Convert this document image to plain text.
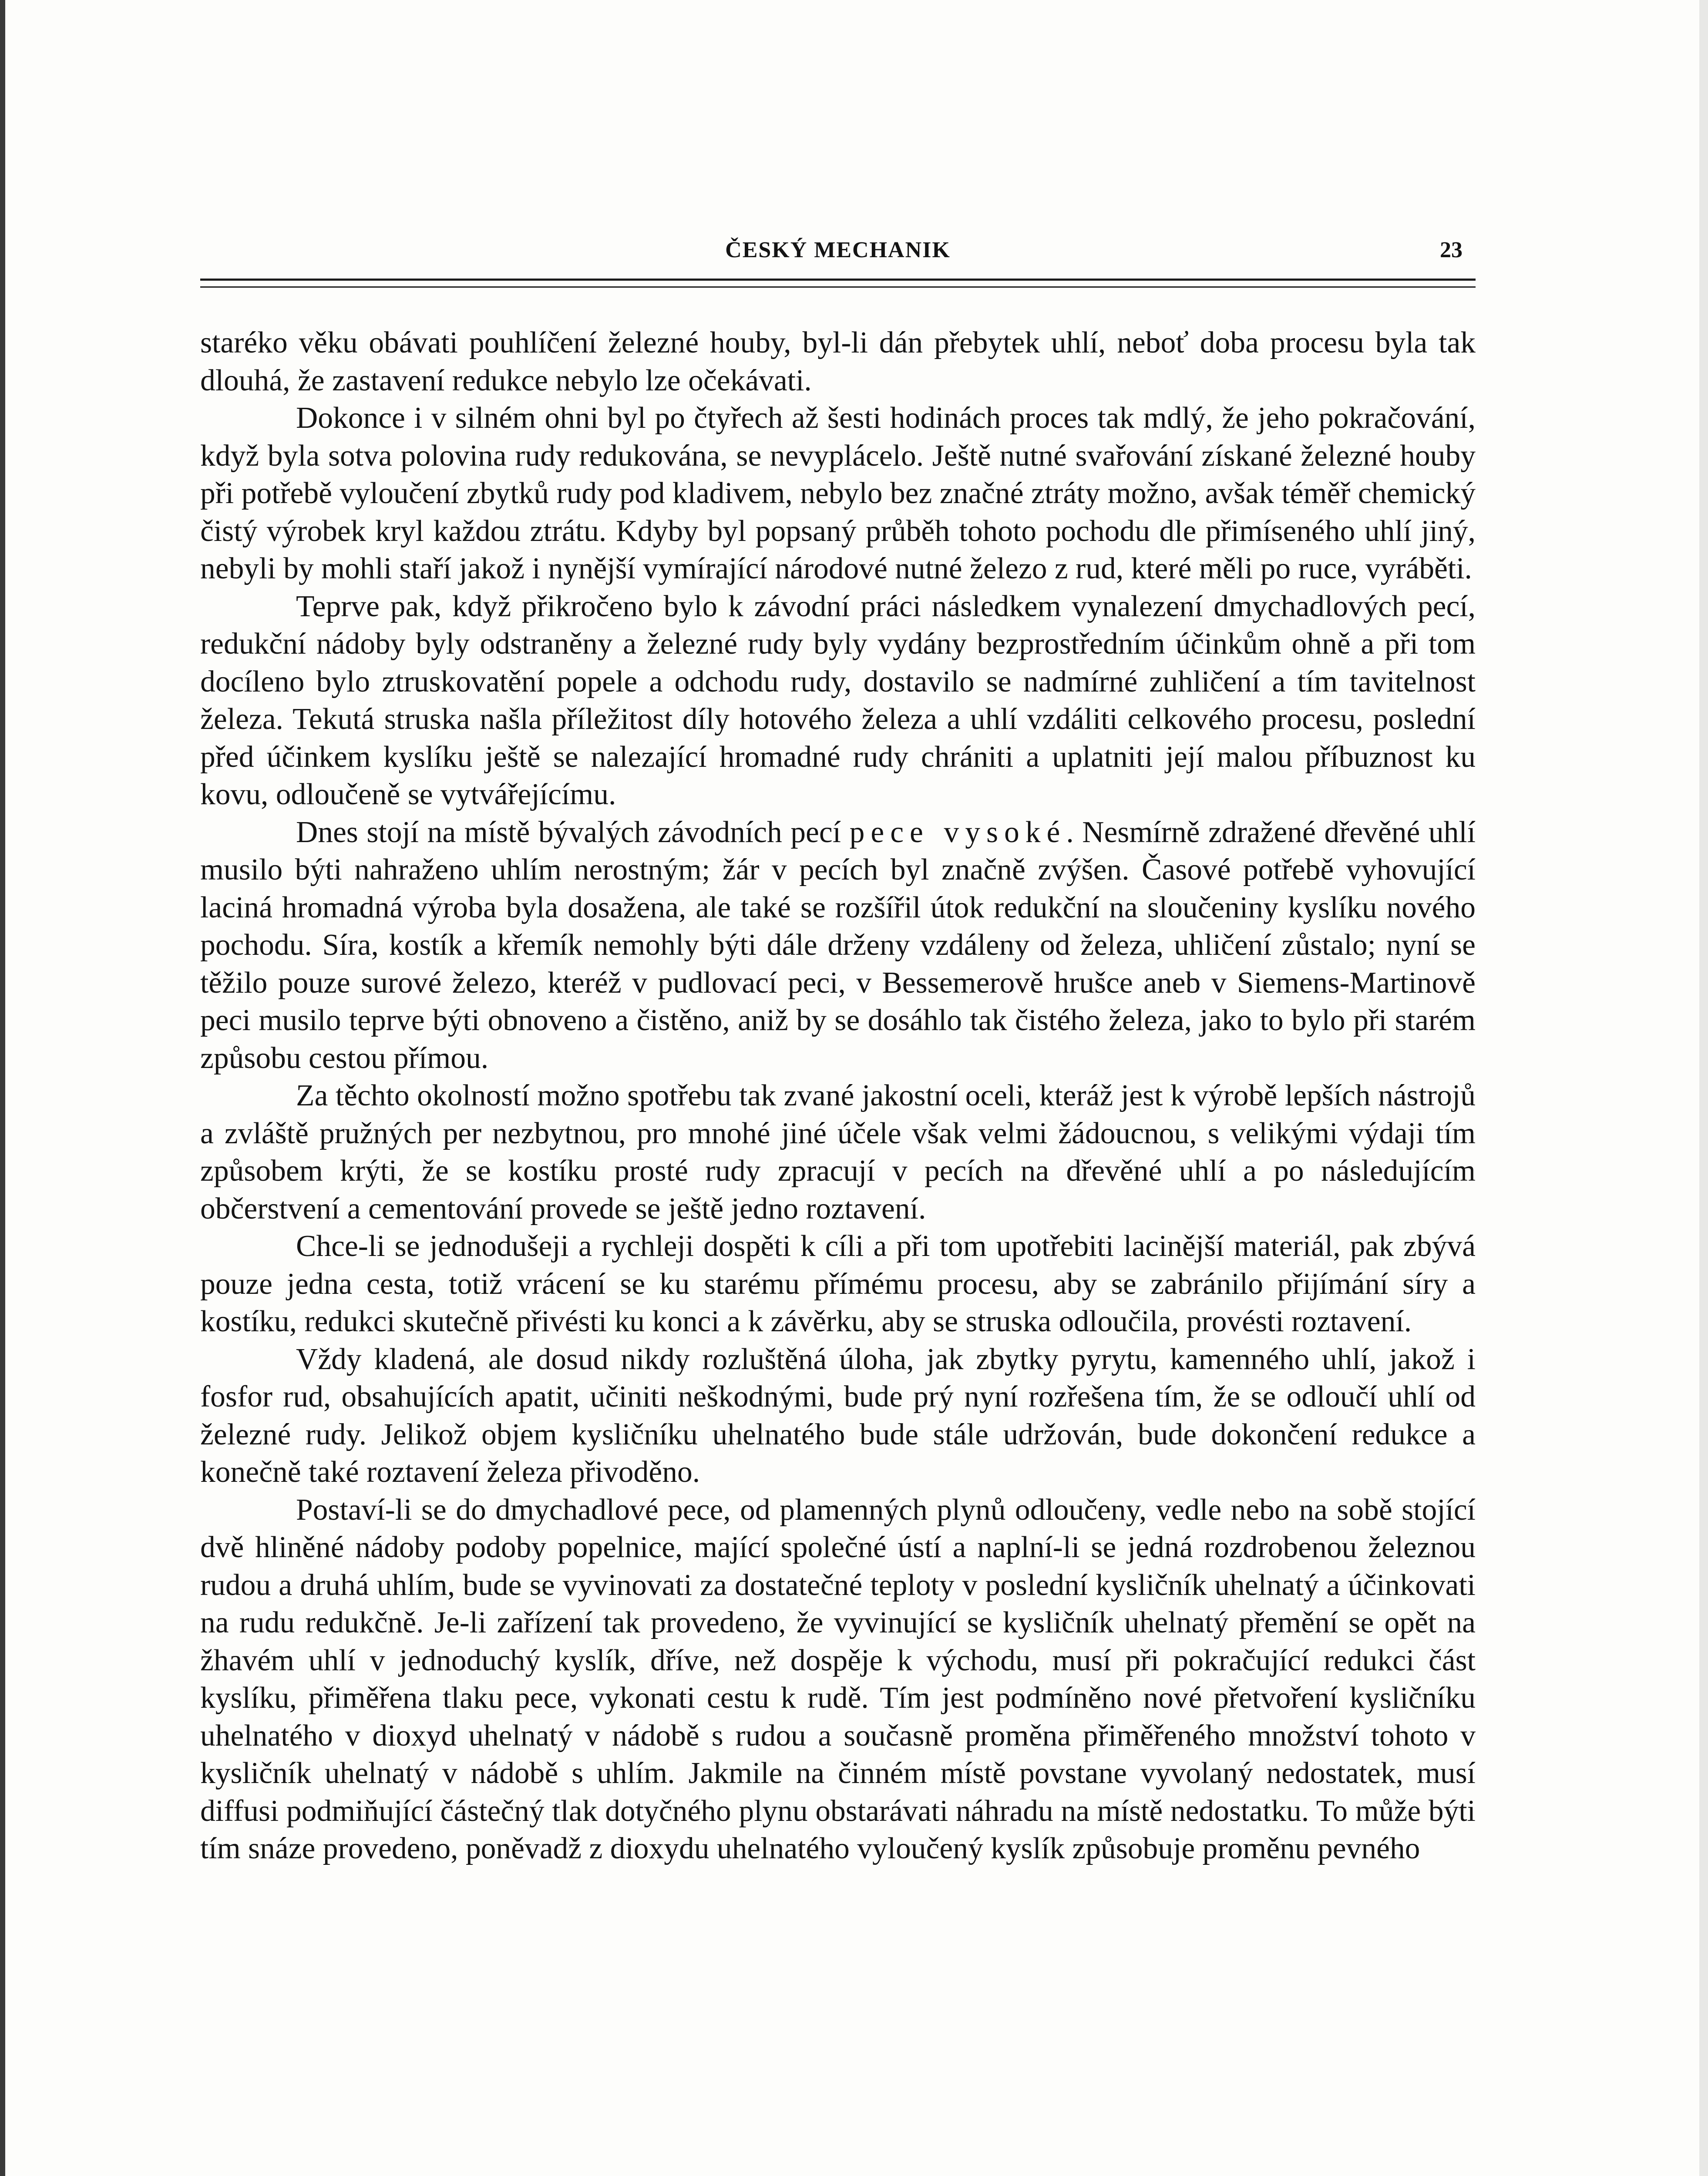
ČESKÝ MECHANIK	23

staréko věku obávati pouhlíčení železné houby, byl-li dán přebytek uhlí, neboť doba procesu byla tak dlouhá, že zastavení redukce nebylo lze očekávati.

Dokonce i v silném ohni byl po čtyřech až šesti hodinách proces tak mdlý, že jeho pokračování, když byla sotva polovina rudy redukována, se nevyplácelo. Ještě nutné svařování získané železné houby při potřebě vyloučení zbytků rudy pod kladivem, nebylo bez značné ztráty možno, avšak téměř chemický čistý výrobek kryl každou ztrátu. Kdyby byl popsaný průběh tohoto pochodu dle přimíseného uhlí jiný, nebyli by mohli staří jakož i nynější vymírající národové nutné železo z rud, které měli po ruce, vyráběti.

Teprve pak, když přikročeno bylo k závodní práci následkem vynalezení dmychadlových pecí, redukční nádoby byly odstraněny a železné rudy byly vydány bezprostředním účinkům ohně a při tom docíleno bylo ztruskovatění popele a odchodu rudy, dostavilo se nadmírné zuhličení a tím tavitelnost železa. Tekutá struska našla příležitost díly hotového železa a uhlí vzdáliti celkového procesu, poslední před účinkem kyslíku ještě se nalezající hromadné rudy chrániti a uplatniti její malou příbuznost ku kovu, odloučeně se vytvářejícímu.

Dnes stojí na místě bývalých závodních pecí pece vysoké. Nesmírně zdražené dřevěné uhlí musilo býti nahraženo uhlím nerostným; žár v pecích byl značně zvýšen. Časové potřebě vyhovující laciná hromadná výroba byla dosažena, ale také se rozšířil útok redukční na sloučeniny kyslíku nového pochodu. Síra, kostík a křemík nemohly býti dále drženy vzdáleny od železa, uhličení zůstalo; nyní se těžilo pouze surové železo, kteréž v pudlovací peci, v Bessemerově hrušce aneb v Siemens-Martinově peci musilo teprve býti obnoveno a čistěno, aniž by se dosáhlo tak čistého železa, jako to bylo při starém způsobu cestou přímou.

Za těchto okolností možno spotřebu tak zvané jakostní oceli, kteráž jest k výrobě lepších nástrojů a zvláště pružných per nezbytnou, pro mnohé jiné účele však velmi žádoucnou, s velikými výdaji tím způsobem krýti, že se kostíku prosté rudy zpracují v pecích na dřevěné uhlí a po následujícím občerstvení a cementování provede se ještě jedno roztavení.

Chce-li se jednodušeji a rychleji dospěti k cíli a při tom upotřebiti lacinější materiál, pak zbývá pouze jedna cesta, totiž vrácení se ku starému přímému procesu, aby se zabránilo přijímání síry a kostíku, redukci skutečně přivésti ku konci a k závěrku, aby se struska odloučila, provésti roztavení.

Vždy kladená, ale dosud nikdy rozluštěná úloha, jak zbytky pyrytu, kamenného uhlí, jakož i fosfor rud, obsahujících apatit, učiniti neškodnými, bude prý nyní rozřešena tím, že se odloučí uhlí od železné rudy. Jelikož objem kysličníku uhelnatého bude stále udržován, bude dokončení redukce a konečně také roztavení železa přivoděno.

Postaví-li se do dmychadlové pece, od plamenných plynů odloučeny, vedle nebo na sobě stojící dvě hliněné nádoby podoby popelnice, mající společné ústí a naplní-li se jedná rozdrobenou železnou rudou a druhá uhlím, bude se vyvinovati za dostatečné teploty v poslední kysličník uhelnatý a účinkovati na rudu redukčně. Je-li zařízení tak provedeno, že vyvinující se kysličník uhelnatý přemění se opět na žhavém uhlí v jednoduchý kyslík, dříve, než dospěje k východu, musí při pokračující redukci část kyslíku, přiměřena tlaku pece, vykonati cestu k rudě. Tím jest podmíněno nové přetvoření kysličníku uhelnatého v dioxyd uhelnatý v nádobě s rudou a současně proměna přiměřeného množství tohoto v kysličník uhelnatý v nádobě s uhlím. Jakmile na činném místě povstane vyvolaný nedostatek, musí diffusi podmiňující částečný tlak dotyčného plynu obstarávati náhradu na místě nedostatku. To může býti tím snáze provedeno, poněvadž z dioxydu uhelnatého vyloučený kyslík způsobuje proměnu pevného
